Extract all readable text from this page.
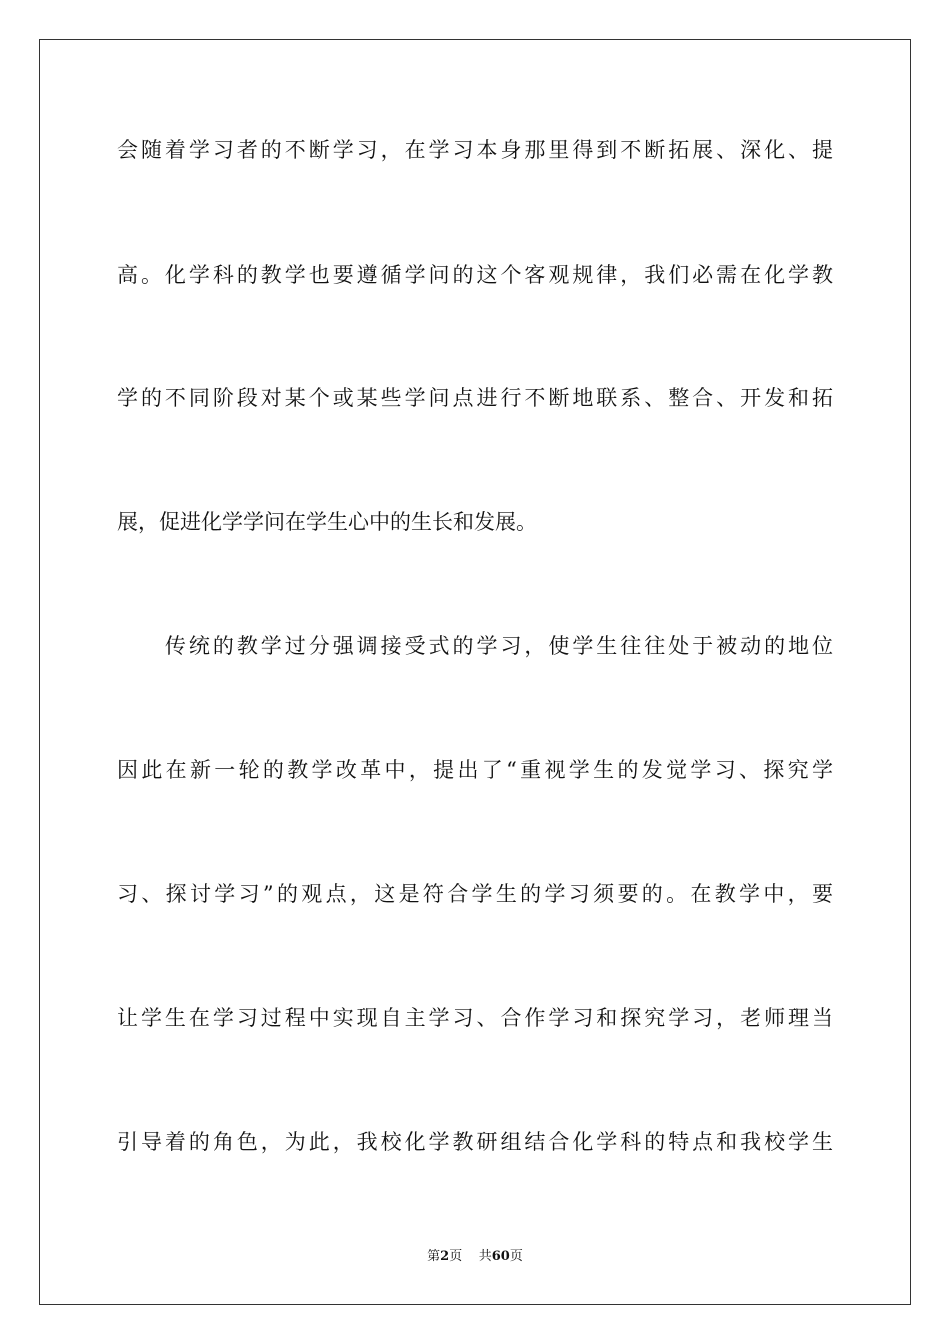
会随着学习者的不断学习，在学习本身那里得到不断拓展、深化、提
高。化学科的教学也要遵循学问的这个客观规律，我们必需在化学教
学的不同阶段对某个或某些学问点进行不断地联系、整合、开发和拓
展，促进化学学问在学生心中的生长和发展。
　　传统的教学过分强调接受式的学习，使学生往往处于被动的地位
因此在新一轮的教学改革中，提出了“重视学生的发觉学习、探究学
习、探讨学习”的观点，这是符合学生的学习须要的。在教学中，要
让学生在学习过程中实现自主学习、合作学习和探究学习，老师理当
引导着的角色，为此，我校化学教研组结合化学科的特点和我校学生
第2页 共60页
